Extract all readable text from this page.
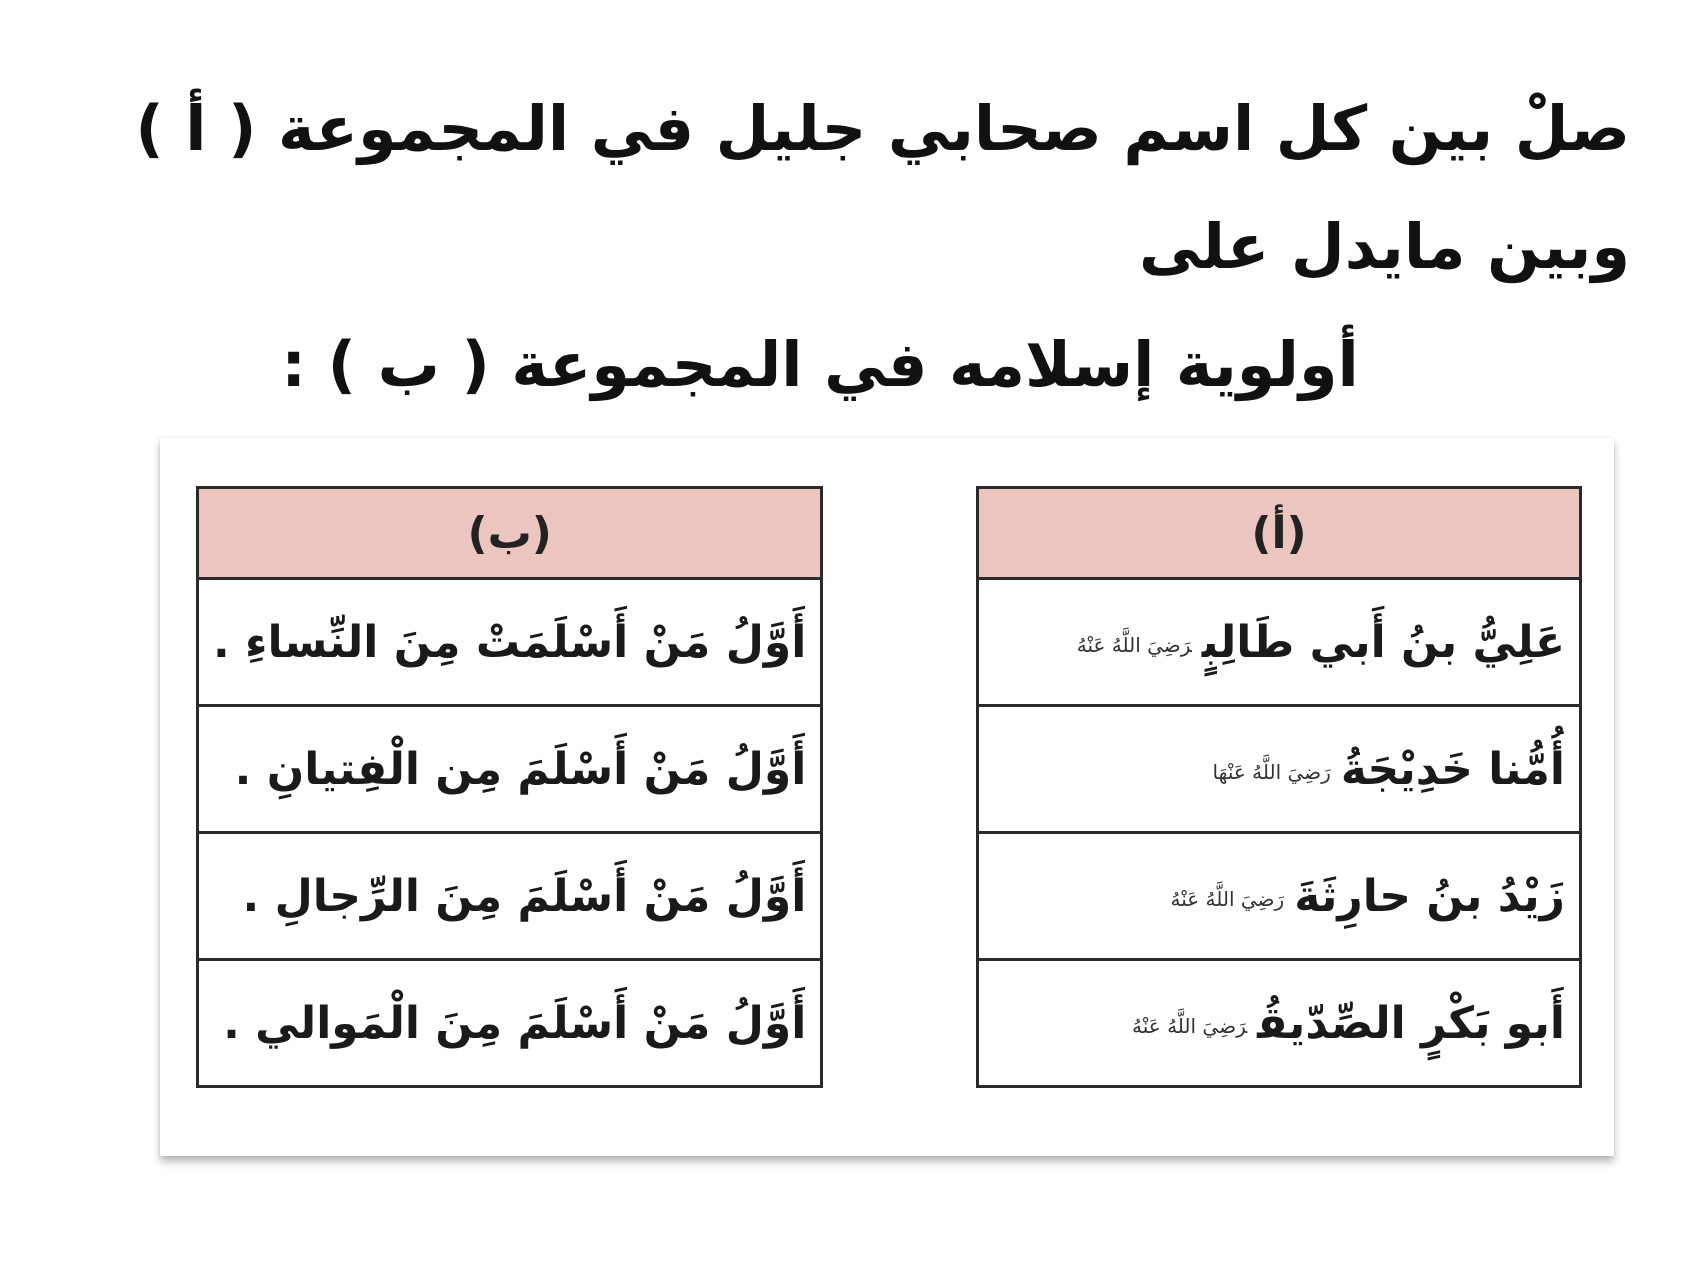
صلْ بين كل اسم صحابي جليل في المجموعة ( أ ) وبين مايدل على
أولوية إسلامه في المجموعة ( ب ) :
(أ)
عَلِيُّ بنُ أَبي طَالِبٍرَضِيَ اللَّهُ عَنْهُ
أُمُّنا خَدِيْجَةُرَضِيَ اللَّهُ عَنْهَا
زَيْدُ بنُ حارِثَةَرَضِيَ اللَّهُ عَنْهُ
أَبو بَكْرٍ الصِّدّيقُرَضِيَ اللَّهُ عَنْهُ
(ب)
أَوَّلُ مَنْ أَسْلَمَتْ مِنَ النِّساءِ .
أَوَّلُ مَنْ أَسْلَمَ مِن الْفِتيانِ .
أَوَّلُ مَنْ أَسْلَمَ مِنَ الرِّجالِ .
أَوَّلُ مَنْ أَسْلَمَ مِنَ الْمَوالي .
